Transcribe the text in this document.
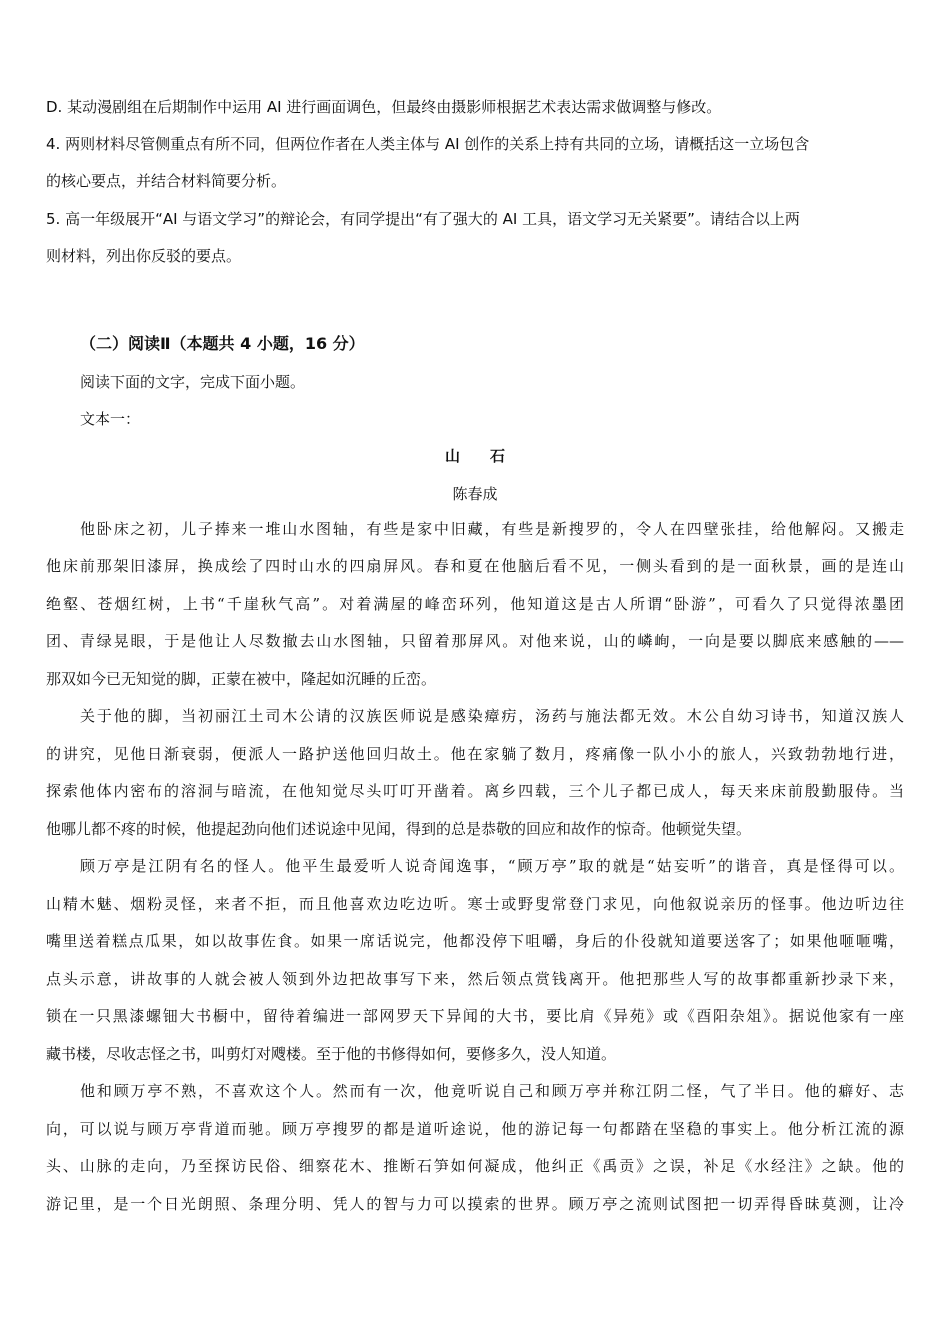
D. 某动漫剧组在后期制作中运用 AI 进行画面调色，但最终由摄影师根据艺术表达需求做调整与修改。
4. 两则材料尽管侧重点有所不同，但两位作者在人类主体与 AI 创作的关系上持有共同的立场，请概括这一立场包含
的核心要点，并结合材料简要分析。
5. 高一年级展开“AI 与语文学习”的辩论会，有同学提出“有了强大的 AI 工具，语文学习无关紧要”。请结合以上两
则材料，列出你反驳的要点。
（二）阅读Ⅱ（本题共 4 小题，16 分）
阅读下面的文字，完成下面小题。
文本一：
山石
陈春成
他卧床之初，儿子捧来一堆山水图轴，有些是家中旧藏，有些是新搜罗的，令人在四壁张挂，给他解闷。又搬走
他床前那架旧漆屏，换成绘了四时山水的四扇屏风。春和夏在他脑后看不见，一侧头看到的是一面秋景，画的是连山
绝壑、苍烟红树，上书“千崖秋气高”。对着满屋的峰峦环列，他知道这是古人所谓“卧游”，可看久了只觉得浓墨团
团、青绿晃眼，于是他让人尽数撤去山水图轴，只留着那屏风。对他来说，山的嶙峋，一向是要以脚底来感触的——
那双如今已无知觉的脚，正蒙在被中，隆起如沉睡的丘峦。
关于他的脚，当初丽江土司木公请的汉族医师说是感染瘴疠，汤药与施法都无效。木公自幼习诗书，知道汉族人
的讲究，见他日渐衰弱，便派人一路护送他回归故土。他在家躺了数月，疼痛像一队小小的旅人，兴致勃勃地行进，
探索他体内密布的溶洞与暗流，在他知觉尽头叮叮开凿着。离乡四载，三个儿子都已成人，每天来床前殷勤服侍。当
他哪儿都不疼的时候，他提起劲向他们述说途中见闻，得到的总是恭敬的回应和故作的惊奇。他顿觉失望。
顾万亭是江阴有名的怪人。他平生最爱听人说奇闻逸事，“顾万亭”取的就是“姑妄听”的谐音，真是怪得可以。
山精木魅、烟粉灵怪，来者不拒，而且他喜欢边吃边听。寒士或野叟常登门求见，向他叙说亲历的怪事。他边听边往
嘴里送着糕点瓜果，如以故事佐食。如果一席话说完，他都没停下咀嚼，身后的仆役就知道要送客了；如果他咂咂嘴，
点头示意，讲故事的人就会被人领到外边把故事写下来，然后领点赏钱离开。他把那些人写的故事都重新抄录下来，
锁在一只黑漆螺钿大书橱中，留待着编进一部网罗天下异闻的大书，要比肩《异苑》或《酉阳杂俎》。据说他家有一座
藏书楼，尽收志怪之书，叫剪灯对飕楼。至于他的书修得如何，要修多久，没人知道。
他和顾万亭不熟，不喜欢这个人。然而有一次，他竟听说自己和顾万亭并称江阴二怪，气了半日。他的癖好、志
向，可以说与顾万亭背道而驰。顾万亭搜罗的都是道听途说，他的游记每一句都踏在坚稳的事实上。他分析江流的源
头、山脉的走向，乃至探访民俗、细察花木、推断石笋如何凝成，他纠正《禹贡》之误，补足《水经注》之缺。他的
游记里，是一个日光朗照、条理分明、凭人的智与力可以摸索的世界。顾万亭之流则试图把一切弄得昏昧莫测，让冷
